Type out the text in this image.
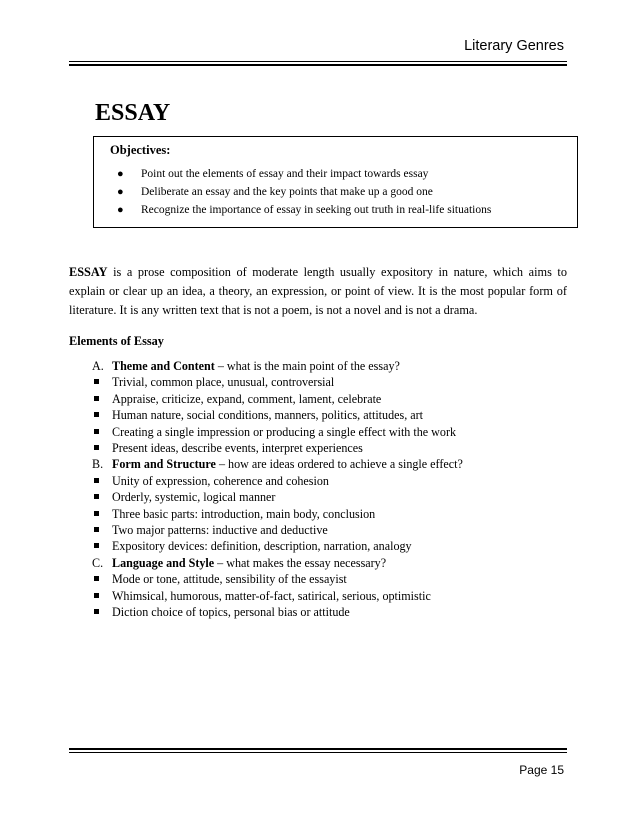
Literary Genres
ESSAY
Objectives:
● Point out the elements of essay and their impact towards essay
● Deliberate an essay and the key points that make up a good one
● Recognize the importance of essay in seeking out truth in real-life situations

ESSAY is a prose composition of moderate length usually expository in nature, which aims to explain or clear up an idea, a theory, an expression, or point of view. It is the most popular form of literature. It is any written text that is not a poem, is not a novel and is not a drama.

Elements of Essay
A. Theme and Content – what is the main point of the essay?
Trivial, common place, unusual, controversial
Appraise, criticize, expand, comment, lament, celebrate
Human nature, social conditions, manners, politics, attitudes, art
Creating a single impression or producing a single effect with the work
Present ideas, describe events, interpret experiences
B. Form and Structure – how are ideas ordered to achieve a single effect?
Unity of expression, coherence and cohesion
Orderly, systemic, logical manner
Three basic parts: introduction, main body, conclusion
Two major patterns: inductive and deductive
Expository devices: definition, description, narration, analogy
C. Language and Style – what makes the essay necessary?
Mode or tone, attitude, sensibility of the essayist
Whimsical, humorous, matter-of-fact, satirical, serious, optimistic
Diction choice of topics, personal bias or attitude
Page 15
